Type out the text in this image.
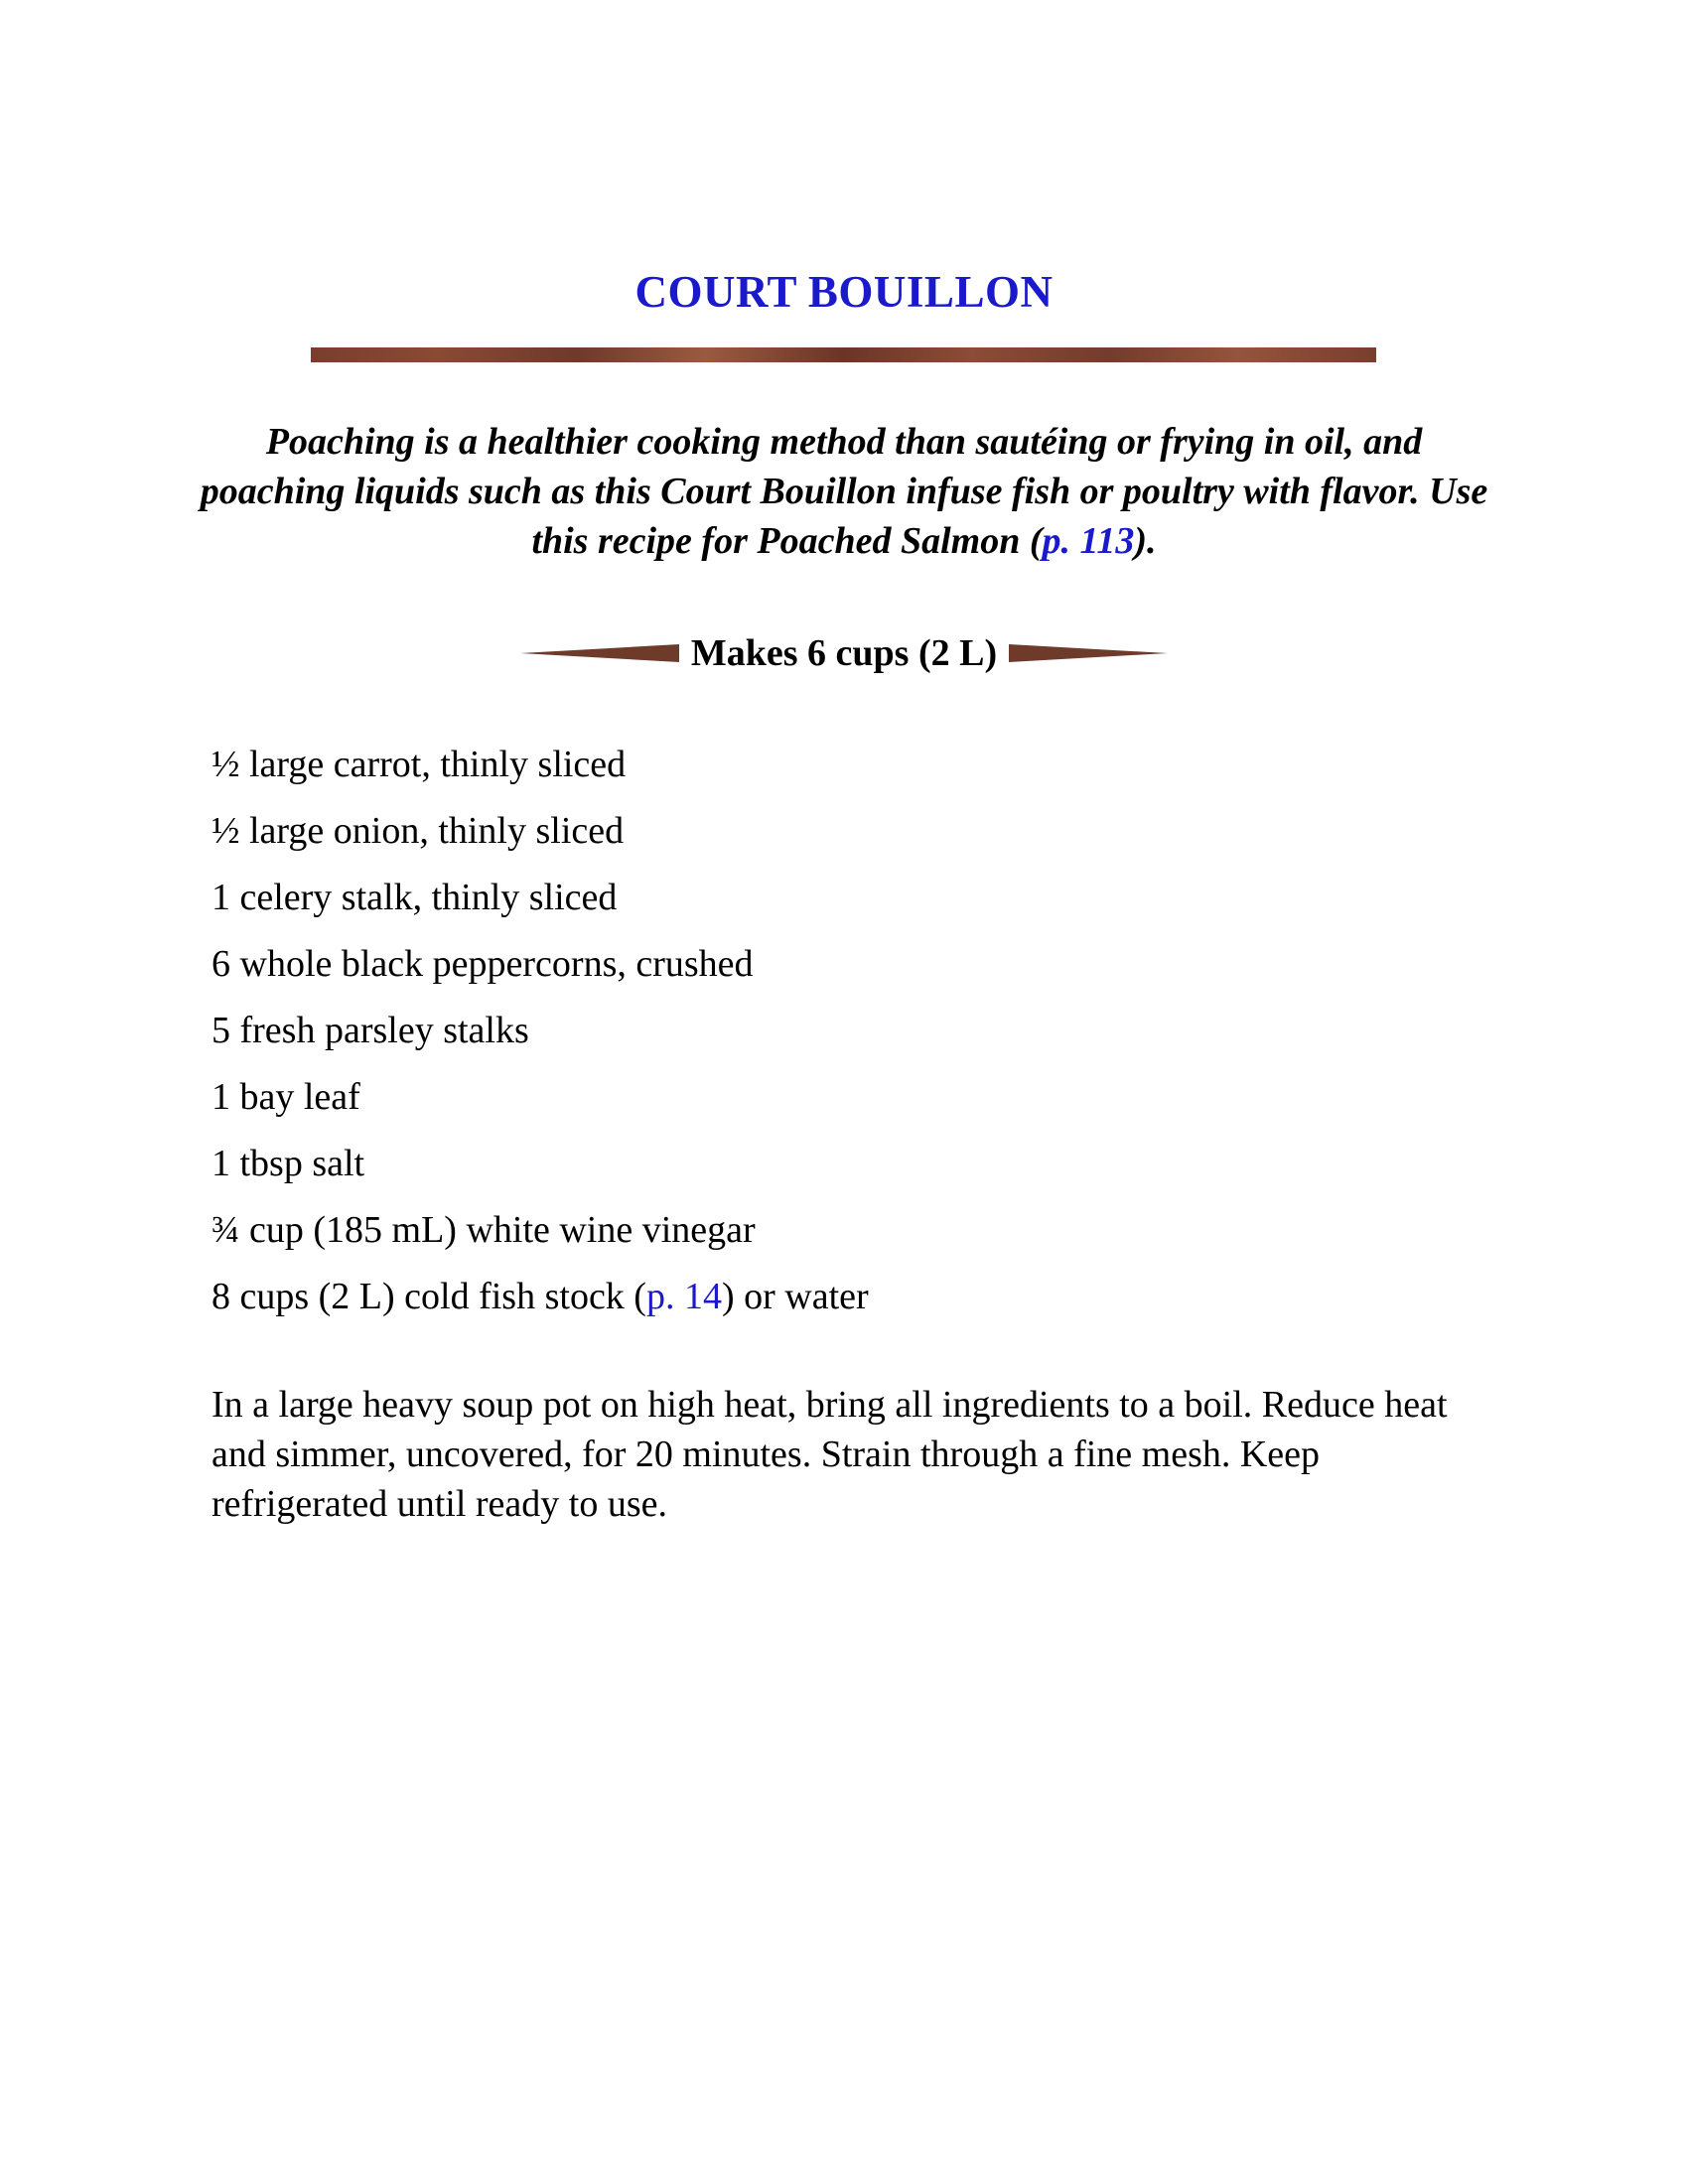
COURT BOUILLON
Poaching is a healthier cooking method than sautéing or frying in oil, and poaching liquids such as this Court Bouillon infuse fish or poultry with flavor. Use this recipe for Poached Salmon (p. 113).
Makes 6 cups (2 L)
½ large carrot, thinly sliced
½ large onion, thinly sliced
1 celery stalk, thinly sliced
6 whole black peppercorns, crushed
5 fresh parsley stalks
1 bay leaf
1 tbsp salt
¾ cup (185 mL) white wine vinegar
8 cups (2 L) cold fish stock (p. 14) or water

In a large heavy soup pot on high heat, bring all ingredients to a boil. Reduce heat and simmer, uncovered, for 20 minutes. Strain through a fine mesh. Keep refrigerated until ready to use.
